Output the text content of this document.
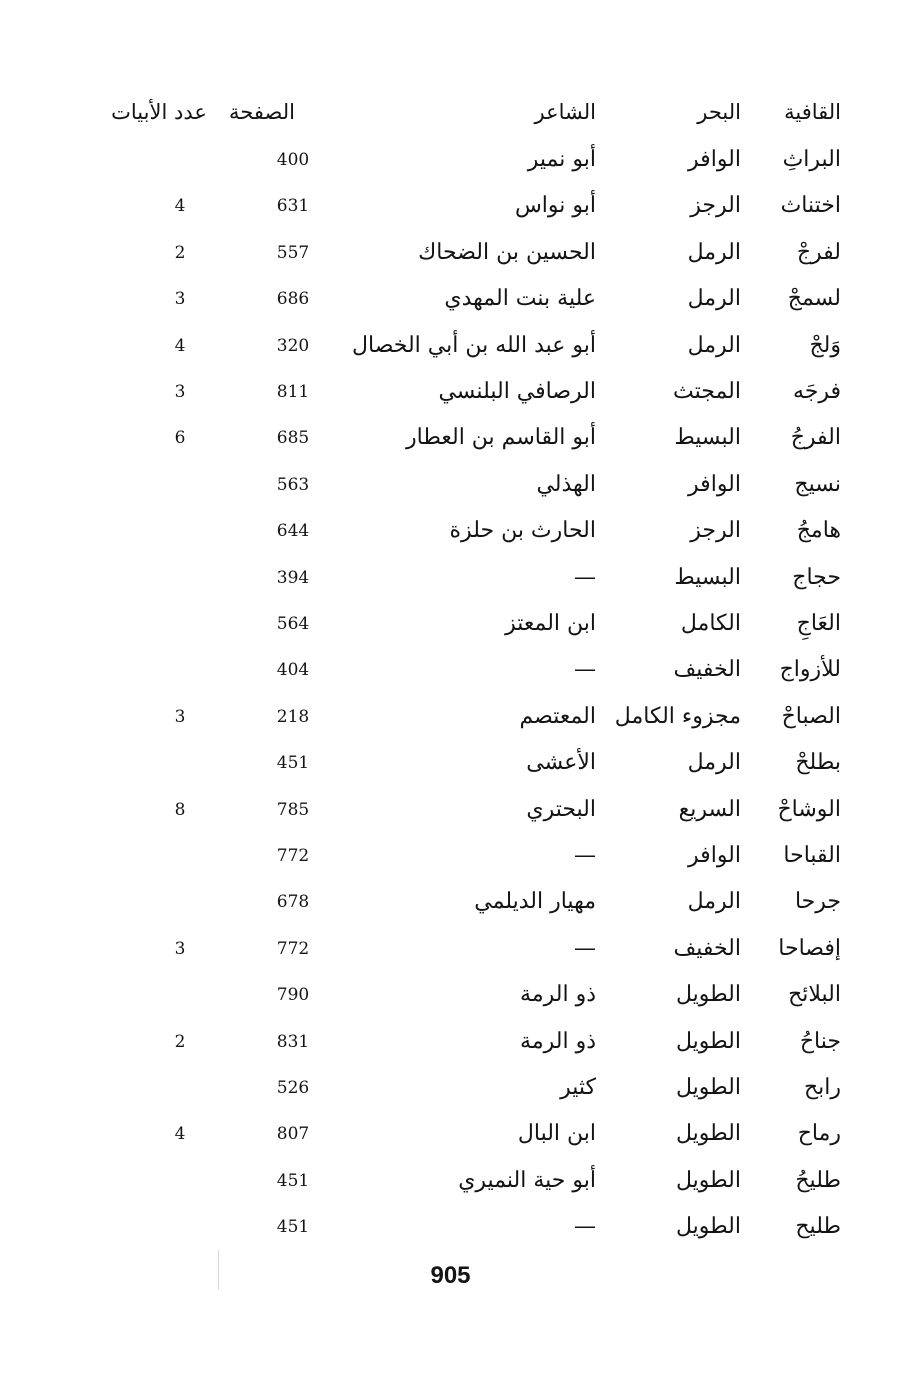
القافية
البحر
الشاعر
الصفحة
عدد الأبيات
البراثِ
الوافر
أبو نمير
400
اختناث
الرجز
أبو نواس
631
4
لفرجْ
الرمل
الحسين بن الضحاك
557
2
لسمجْ
الرمل
علية بنت المهدي
686
3
وَلجْ
الرمل
أبو عبد الله بن أبي الخصال
320
4
فرجَه
المجتث
الرصافي البلنسي
811
3
الفرجُ
البسيط
أبو القاسم بن العطار
685
6
نسيج
الوافر
الهذلي
563
هامجُ
الرجز
الحارث بن حلزة
644
حجاج
البسيط
—
394
العَاجِ
الكامل
ابن المعتز
564
للأزواج
الخفيف
—
404
الصباحْ
مجزوء الكامل
المعتصم
218
3
بطلحْ
الرمل
الأعشى
451
الوشاحْ
السريع
البحتري
785
8
القباحا
الوافر
—
772
جرحا
الرمل
مهيار الديلمي
678
إفصاحا
الخفيف
—
772
3
البلائح
الطويل
ذو الرمة
790
جناحُ
الطويل
ذو الرمة
831
2
رابح
الطويل
كثير
526
رماح
الطويل
ابن البال
807
4
طليحُ
الطويل
أبو حية النميري
451
طليح
الطويل
—
451
905
